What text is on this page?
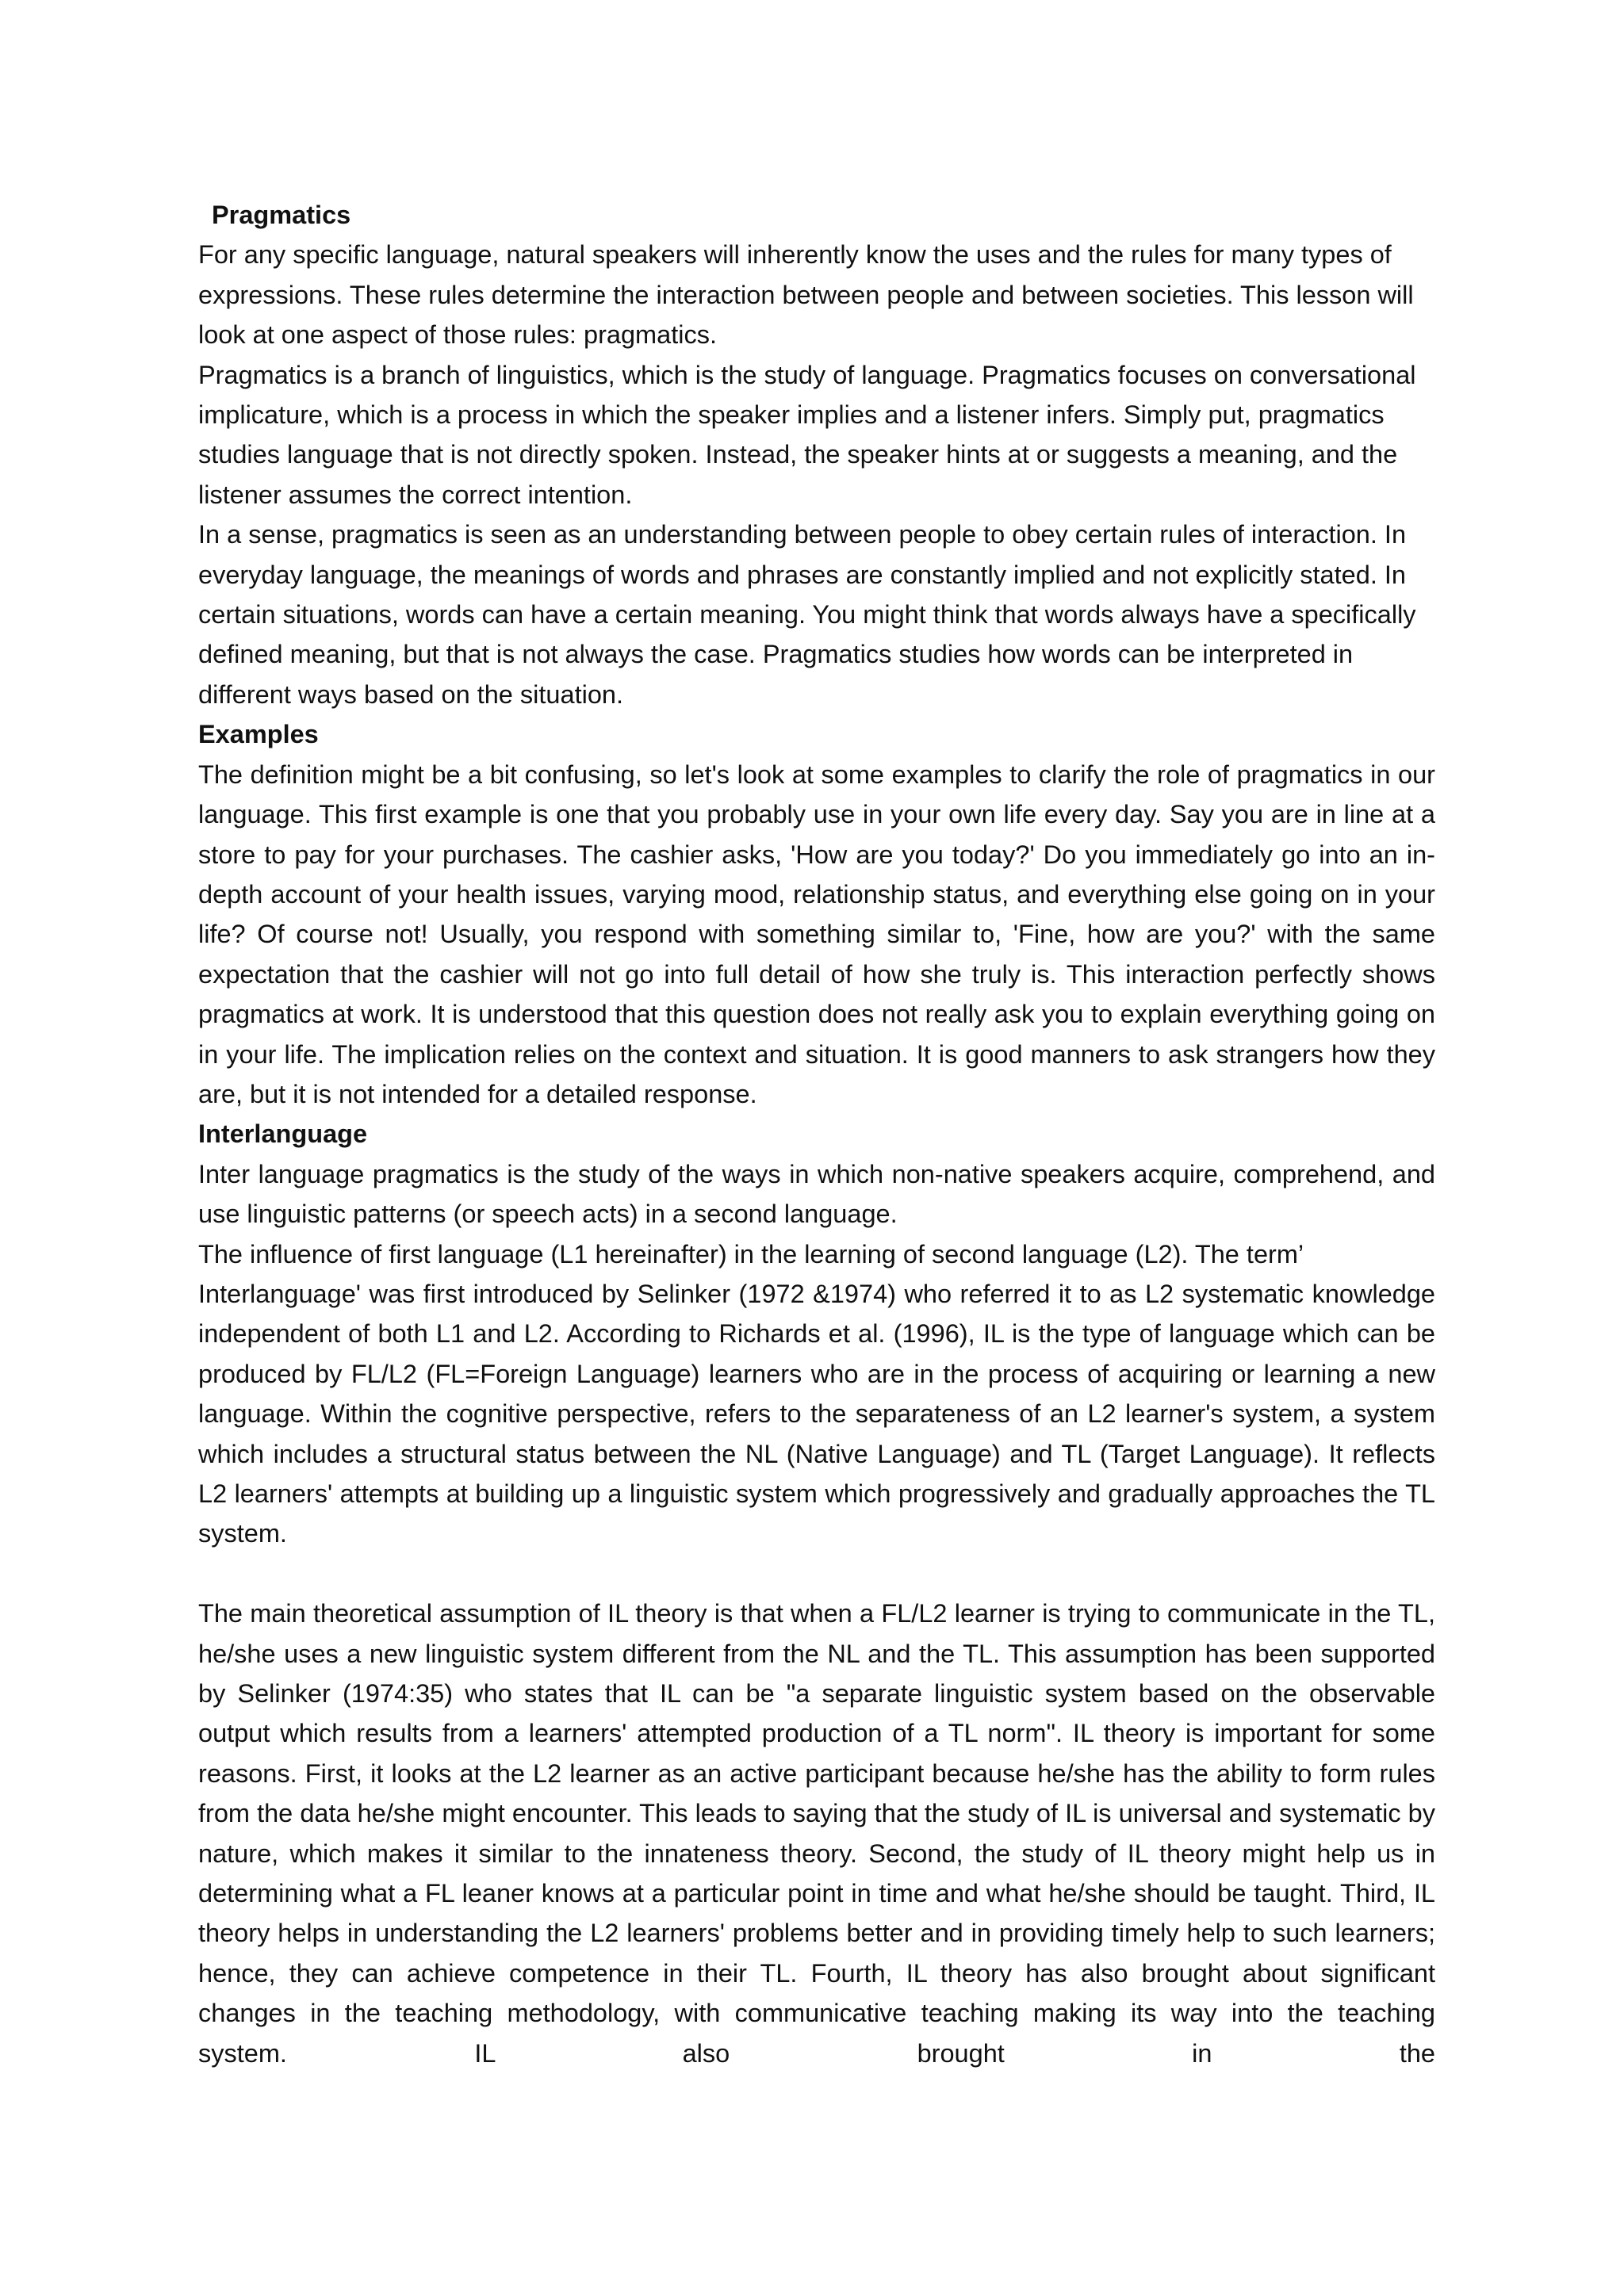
Pragmatics

For any specific language, natural speakers will inherently know the uses and the rules for many types of expressions. These rules determine the interaction between people and between societies. This lesson will look at one aspect of those rules: pragmatics.

Pragmatics is a branch of linguistics, which is the study of language. Pragmatics focuses on conversational implicature, which is a process in which the speaker implies and a listener infers. Simply put, pragmatics studies language that is not directly spoken. Instead, the speaker hints at or suggests a meaning, and the listener assumes the correct intention.

In a sense, pragmatics is seen as an understanding between people to obey certain rules of interaction. In everyday language, the meanings of words and phrases are constantly implied and not explicitly stated. In certain situations, words can have a certain meaning. You might think that words always have a specifically defined meaning, but that is not always the case. Pragmatics studies how words can be interpreted in different ways based on the situation.

Examples

The definition might be a bit confusing, so let's look at some examples to clarify the role of pragmatics in our language. This first example is one that you probably use in your own life every day. Say you are in line at a store to pay for your purchases. The cashier asks, 'How are you today?' Do you immediately go into an in-depth account of your health issues, varying mood, relationship status, and everything else going on in your life? Of course not! Usually, you respond with something similar to, 'Fine, how are you?' with the same expectation that the cashier will not go into full detail of how she truly is. This interaction perfectly shows pragmatics at work. It is understood that this question does not really ask you to explain everything going on in your life. The implication relies on the context and situation. It is good manners to ask strangers how they are, but it is not intended for a detailed response.

Interlanguage

Inter language pragmatics is the study of the ways in which non-native speakers acquire, comprehend, and use linguistic patterns (or speech acts) in a second language.

The influence of first language (L1 hereinafter) in the learning of second language (L2). The term’

Interlanguage' was first introduced by Selinker (1972 &1974) who referred it to as L2 systematic knowledge independent of both L1 and L2. According to Richards et al. (1996), IL is the type of language which can be produced by FL/L2 (FL=Foreign Language) learners who are in the process of acquiring or learning a new language. Within the cognitive perspective, refers to the separateness of an L2 learner's system, a system which includes a structural status between the NL (Native Language) and TL (Target Language). It reflects L2 learners' attempts at building up a linguistic system which progressively and gradually approaches the TL system.

The main theoretical assumption of IL theory is that when a FL/L2 learner is trying to communicate in the TL, he/she uses a new linguistic system different from the NL and the TL. This assumption has been supported by Selinker (1974:35) who states that IL can be "a separate linguistic system based on the observable output which results from a learners' attempted production of a TL norm". IL theory is important for some reasons. First, it looks at the L2 learner as an active participant because he/she has the ability to form rules from the data he/she might encounter. This leads to saying that the study of IL is universal and systematic by nature, which makes it similar to the innateness theory. Second, the study of IL theory might help us in determining what a FL leaner knows at a particular point in time and what he/she should be taught. Third, IL theory helps in understanding the L2 learners' problems better and in providing timely help to such learners; hence, they can achieve competence in their TL. Fourth, IL theory has also brought about significant changes in the teaching methodology, with communicative teaching making its way into the teaching system. IL also brought in the
